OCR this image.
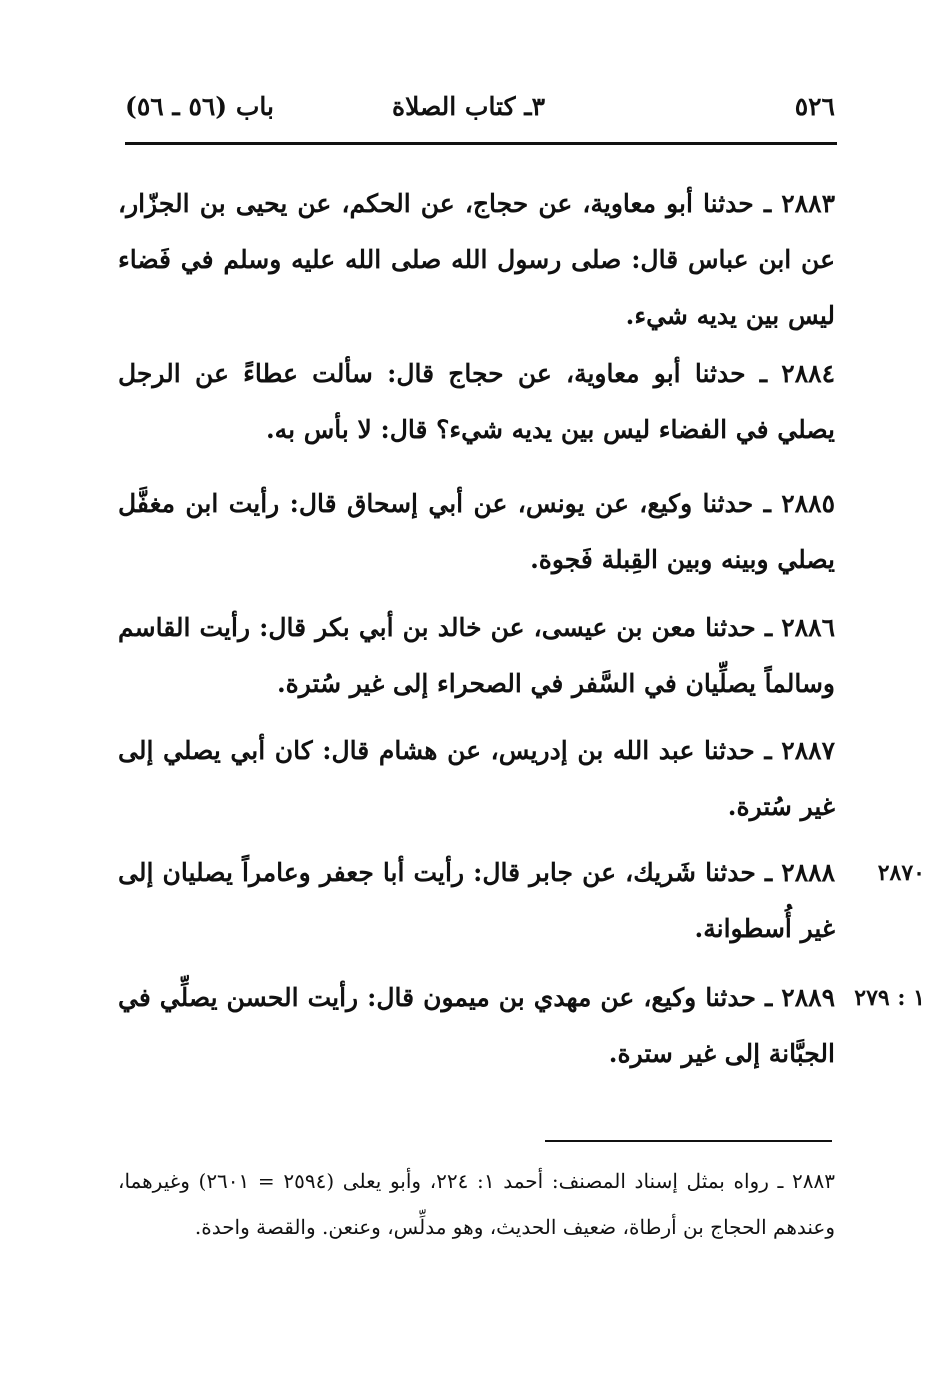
٥٢٦
٣ـ كتاب الصلاة
باب (٥٦ ـ ٥٦)
٢٨٨٣ ـ حدثنا أبو معاوية، عن حجاج، عن الحكم، عن يحيى بن الجزّار، عن ابن عباس قال: صلى رسول الله صلى الله عليه وسلم في فَضاء ليس بين يديه شيء.
٢٨٨٤ ـ حدثنا أبو معاوية، عن حجاج قال: سألت عطاءً عن الرجل يصلي في الفضاء ليس بين يديه شيء؟ قال: لا بأس به.
٢٨٨٥ ـ حدثنا وكيع، عن يونس، عن أبي إسحاق قال: رأيت ابن مغفَّل يصلي وبينه وبين القِبلة فَجوة.
٢٨٨٦ ـ حدثنا معن بن عيسى، عن خالد بن أبي بكر قال: رأيت القاسم وسالماً يصلِّيان في السَّفر في الصحراء إلى غير سُترة.
٢٨٨٧ ـ حدثنا عبد الله بن إدريس، عن هشام قال: كان أبي يصلي إلى غير سُترة.
٢٨٨٨ ـ حدثنا شَريك، عن جابر قال: رأيت أبا جعفر وعامراً يصليان إلى غير أُسطوانة.
٢٨٧٠
٢٨٨٩ ـ حدثنا وكيع، عن مهدي بن ميمون قال: رأيت الحسن يصلِّي في الجبَّانة إلى غير سترة.
١ : ٢٧٩
٢٨٨٣ ـ رواه بمثل إسناد المصنف: أحمد ١: ٢٢٤، وأبو يعلى (٢٥٩٤ = ٢٦٠١) وغيرهما، وعندهم الحجاج بن أرطاة، ضعيف الحديث، وهو مدلِّس، وعنعن. والقصة واحدة.
